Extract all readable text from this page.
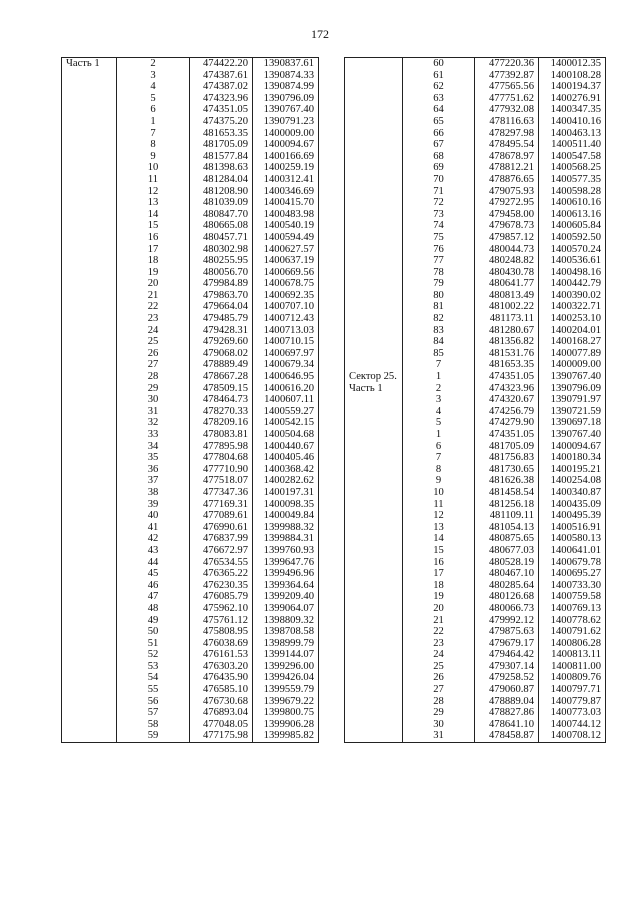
172
Часть 1	2	474422.20	1390837.61
	3	474387.61	1390874.33
	4	474387.02	1390874.99
	5	474323.96	1390796.09
	6	474351.05	1390767.40
	1	474375.20	1390791.23
	7	481653.35	1400009.00
	8	481705.09	1400094.67
	9	481577.84	1400166.69
	10	481398.63	1400259.19
	11	481284.04	1400312.41
	12	481208.90	1400346.69
	13	481039.09	1400415.70
	14	480847.70	1400483.98
	15	480665.08	1400540.19
	16	480457.71	1400594.49
	17	480302.98	1400627.57
	18	480255.95	1400637.19
	19	480056.70	1400669.56
	20	479984.89	1400678.75
	21	479863.70	1400692.35
	22	479664.04	1400707.10
	23	479485.79	1400712.43
	24	479428.31	1400713.03
	25	479269.60	1400710.15
	26	479068.02	1400697.97
	27	478889.49	1400679.34
	28	478667.28	1400646.95
	29	478509.15	1400616.20
	30	478464.73	1400607.11
	31	478270.33	1400559.27
	32	478209.16	1400542.15
	33	478083.81	1400504.68
	34	477895.98	1400440.67
	35	477804.68	1400405.46
	36	477710.90	1400368.42
	37	477518.07	1400282.62
	38	477347.36	1400197.31
	39	477169.31	1400098.35
	40	477089.61	1400049.84
	41	476990.61	1399988.32
	42	476837.99	1399884.31
	43	476672.97	1399760.93
	44	476534.55	1399647.76
	45	476365.22	1399496.96
	46	476230.35	1399364.64
	47	476085.79	1399209.40
	48	475962.10	1399064.07
	49	475761.12	1398809.32
	50	475808.95	1398708.58
	51	476038.69	1398999.79
	52	476161.53	1399144.07
	53	476303.20	1399296.00
	54	476435.90	1399426.04
	55	476585.10	1399559.79
	56	476730.68	1399679.22
	57	476893.04	1399800.75
	58	477048.05	1399906.28
	59	477175.98	1399985.82
	60	477220.36	1400012.35
	61	477392.87	1400108.28
	62	477565.56	1400194.37
	63	477751.62	1400276.91
	64	477932.08	1400347.35
	65	478116.63	1400410.16
	66	478297.98	1400463.13
	67	478495.54	1400511.40
	68	478678.97	1400547.58
	69	478812.21	1400568.25
	70	478876.65	1400577.35
	71	479075.93	1400598.28
	72	479272.95	1400610.16
	73	479458.00	1400613.16
	74	479678.73	1400605.84
	75	479857.12	1400592.50
	76	480044.73	1400570.24
	77	480248.82	1400536.61
	78	480430.78	1400498.16
	79	480641.77	1400442.79
	80	480813.49	1400390.02
	81	481002.22	1400322.71
	82	481173.11	1400253.10
	83	481280.67	1400204.01
	84	481356.82	1400168.27
	85	481531.76	1400077.89
	7	481653.35	1400009.00
Сектор 25.	1	474351.05	1390767.40
Часть 1	2	474323.96	1390796.09
	3	474320.67	1390791.97
	4	474256.79	1390721.59
	5	474279.90	1390697.18
	1	474351.05	1390767.40
	6	481705.09	1400094.67
	7	481756.83	1400180.34
	8	481730.65	1400195.21
	9	481626.38	1400254.08
	10	481458.54	1400340.87
	11	481256.18	1400435.09
	12	481109.11	1400495.39
	13	481054.13	1400516.91
	14	480875.65	1400580.13
	15	480677.03	1400641.01
	16	480528.19	1400679.78
	17	480467.10	1400695.27
	18	480285.64	1400733.30
	19	480126.68	1400759.58
	20	480066.73	1400769.13
	21	479992.12	1400778.62
	22	479875.63	1400791.62
	23	479679.17	1400806.28
	24	479464.42	1400813.11
	25	479307.14	1400811.00
	26	479258.52	1400809.76
	27	479060.87	1400797.71
	28	478889.04	1400779.87
	29	478827.86	1400773.03
	30	478641.10	1400744.12
	31	478458.87	1400708.12
